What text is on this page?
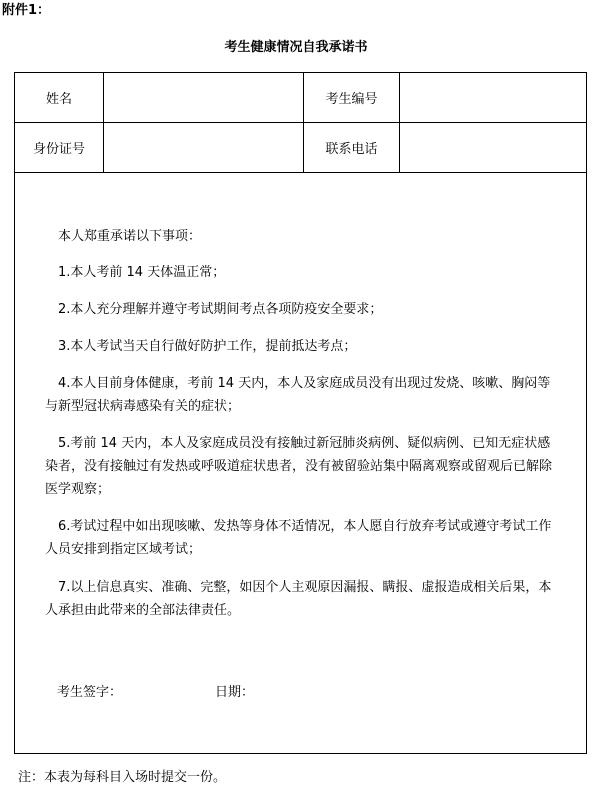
附件1：
考生健康情况自我承诺书
姓名	考生编号
身份证号	联系电话
本人郑重承诺以下事项：
1.本人考前 14 天体温正常；
2.本人充分理解并遵守考试期间考点各项防疫安全要求；
3.本人考试当天自行做好防护工作，提前抵达考点；
4.本人目前身体健康，考前 14 天内，本人及家庭成员没有出现过发烧、咳嗽、胸闷等与新型冠状病毒感染有关的症状；
5.考前 14 天内，本人及家庭成员没有接触过新冠肺炎病例、疑似病例、已知无症状感染者，没有接触过有发热或呼吸道症状患者，没有被留验站集中隔离观察或留观后已解除医学观察；
6.考试过程中如出现咳嗽、发热等身体不适情况，本人愿自行放弃考试或遵守考试工作人员安排到指定区域考试；
7.以上信息真实、准确、完整，如因个人主观原因漏报、瞒报、虚报造成相关后果，本人承担由此带来的全部法律责任。
考生签字：	日期：
注：本表为每科目入场时提交一份。
